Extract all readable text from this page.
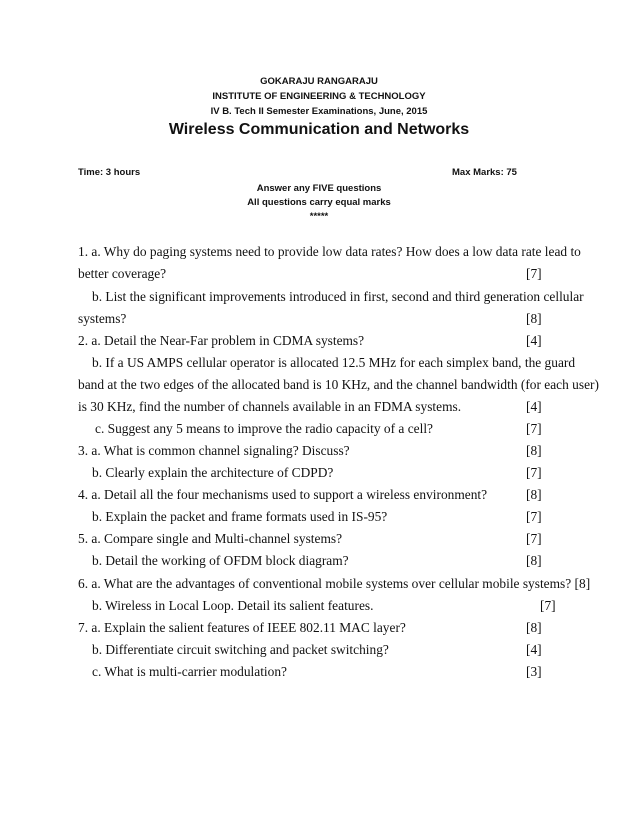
GOKARAJU RANGARAJU
INSTITUTE OF ENGINEERING & TECHNOLOGY
IV B. Tech II Semester Examinations, June, 2015
Wireless Communication and Networks
Time: 3 hours	Max Marks: 75
Answer any FIVE questions
All questions carry equal marks
*****
1. a. Why do paging systems need to provide low data rates? How does a low data rate lead to
better coverage?	[7]
b. List the significant improvements introduced in first, second and third generation cellular
systems?	[8]
2. a. Detail the Near-Far problem in CDMA systems?	[4]
b. If a US AMPS cellular operator is allocated 12.5 MHz for each simplex band, the guard
band at the two edges of the allocated band is 10 KHz, and the channel bandwidth (for each user)
is 30 KHz, find the number of channels available in an FDMA systems.	[4]
c. Suggest any 5 means to improve the radio capacity of a cell?	[7]
3. a. What is common channel signaling? Discuss?	[8]
b. Clearly explain the architecture of CDPD?	[7]
4. a. Detail all the four mechanisms used to support a wireless environment?	[8]
b. Explain the packet and frame formats used in IS-95?	[7]
5. a. Compare single and Multi-channel systems?	[7]
b. Detail the working of OFDM block diagram?	[8]
6. a. What are the advantages of conventional mobile systems over cellular mobile systems? [8]
b. Wireless in Local Loop. Detail its salient features.	[7]
7. a. Explain the salient features of IEEE 802.11 MAC layer?	[8]
b. Differentiate circuit switching and packet switching?	[4]
c. What is multi-carrier modulation?	[3]
